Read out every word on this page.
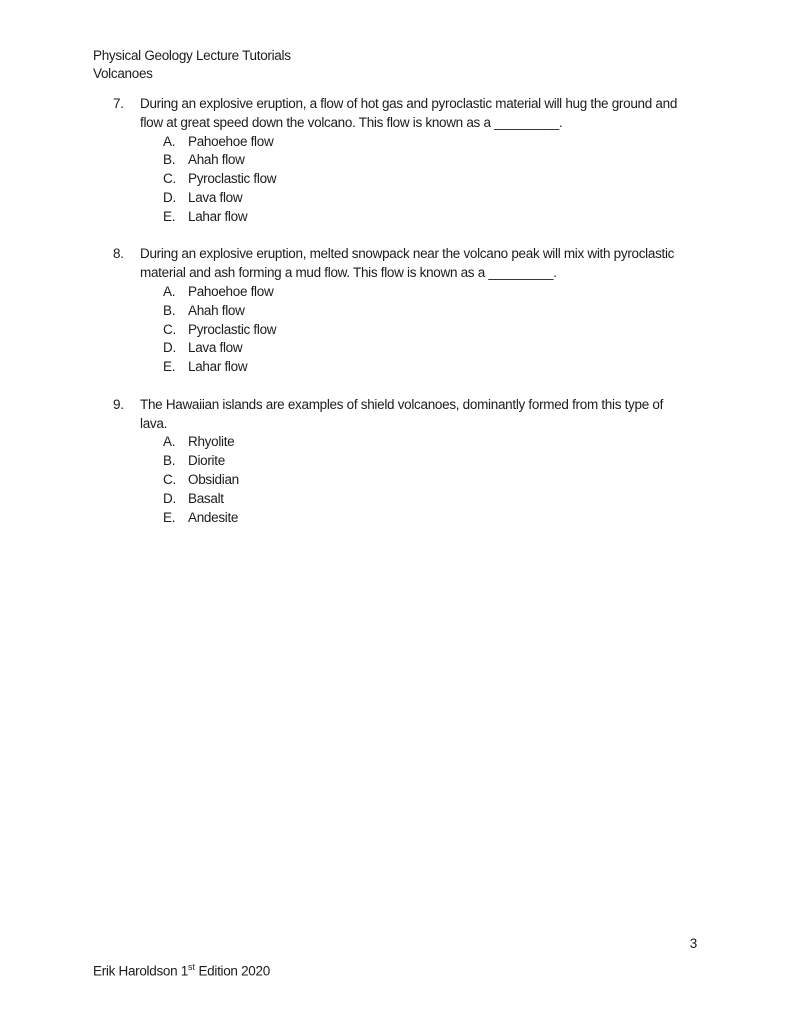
Physical Geology Lecture Tutorials
Volcanoes
7.	During an explosive eruption, a flow of hot gas and pyroclastic material will hug the ground and
flow at great speed down the volcano. This flow is known as a _________.
A. Pahoehoe flow
B. Ahah flow
C. Pyroclastic flow
D. Lava flow
E. Lahar flow
8.	During an explosive eruption, melted snowpack near the volcano peak will mix with pyroclastic
material and ash forming a mud flow. This flow is known as a _________.
A. Pahoehoe flow
B. Ahah flow
C. Pyroclastic flow
D. Lava flow
E. Lahar flow
9.	The Hawaiian islands are examples of shield volcanoes, dominantly formed from this type of
lava.
A. Rhyolite
B. Diorite
C. Obsidian
D. Basalt
E. Andesite
3
Erik Haroldson 1st Edition 2020
